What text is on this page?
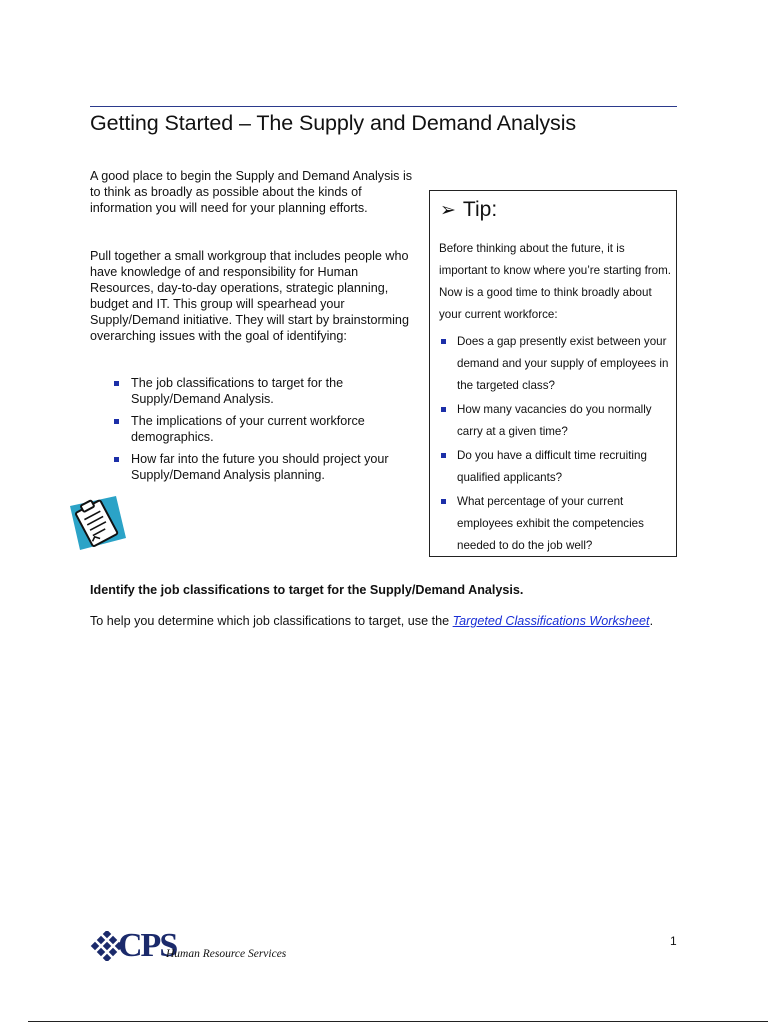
Getting Started – The Supply and Demand Analysis

A good place to begin the Supply and Demand Analysis is to think as broadly as possible about the kinds of information you will need for your planning efforts.

Pull together a small workgroup that includes people who have knowledge of and responsibility for Human Resources, day-to-day operations, strategic planning, budget and IT. This group will spearhead your Supply/Demand initiative. They will start by brainstorming overarching issues with the goal of identifying:

The job classifications to target for the Supply/Demand Analysis.
The implications of your current workforce demographics.
How far into the future you should project your Supply/Demand Analysis planning.
➢ Tip:

Before thinking about the future, it is important to know where you’re starting from. Now is a good time to think broadly about your current workforce:

Does a gap presently exist between your demand and your supply of employees in the targeted class?
How many vacancies do you normally carry at a given time?
Do you have a difficult time recruiting qualified applicants?
What percentage of your current employees exhibit the competencies needed to do the job well?

Identify the job classifications to target for the Supply/Demand Analysis.

To help you determine which job classifications to target, use the Targeted Classifications Worksheet.

CPS
Human Resource Services

1
